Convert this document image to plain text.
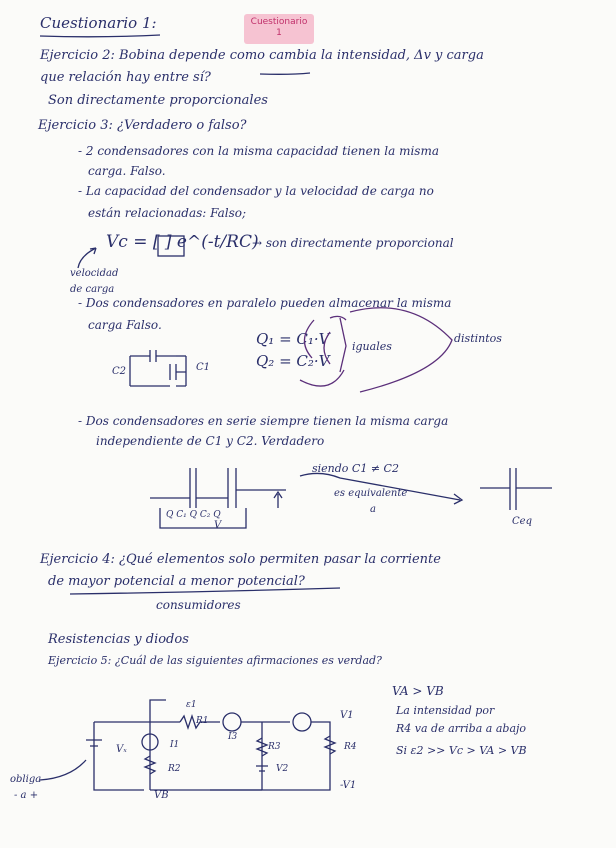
Cuestionario
1
Cuestionario 1:
Ejercicio 2: Bobina depende como cambia la intensidad, Δv y carga
que relación hay entre sí?
Son directamente proporcionales
Ejercicio 3: ¿Verdadero o falso?
- 2 condensadores con la misma capacidad tienen la misma
carga. Falso.
- La capacidad del condensador y la velocidad de carga no
están relacionadas: Falso;
Vc = [ ] e^(-t/RC)
→ son directamente proporcional
velocidad
de carga
- Dos condensadores en paralelo pueden almacenar la misma
carga Falso.
Q₁ = C₁·V
Q₂ = C₂·V
iguales
distintos
C1
C2
- Dos condensadores en serie siempre tienen la misma carga
independiente de C1 y C2. Verdadero
siendo C1 ≠ C2
es equivalente
a
Q C₁ Q C₂ Q
V	Ceq
Ejercicio 4: ¿Qué elementos solo permiten pasar la corriente
de mayor potencial a menor potencial?
consumidores
Resistencias y diodos
Ejercicio 5: ¿Cuál de las siguientes afirmaciones es verdad?
VA > VB
La intensidad por
R4 va de arriba a abajo
Si ε2 >> Vc > VA > VB
obliga
- a +
Vₓ
ε1
R1
I1
R2
I3
R3
V2
R4
V1
VB
-V1
